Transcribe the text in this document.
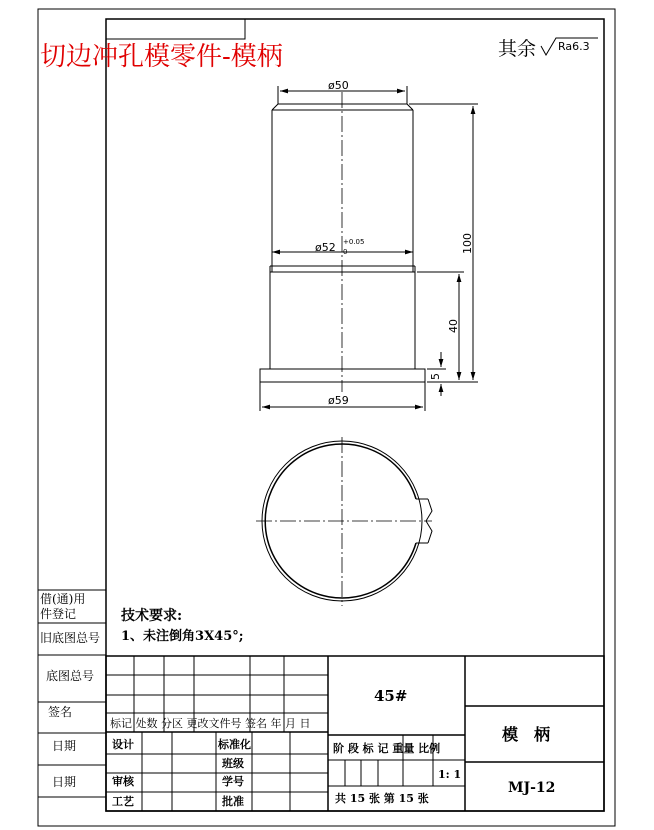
切边冲孔模零件-模柄	其余 Ra6.3
ø50
ø52 +0.05
0
ø59
100
40
5
借(通)用
件登记
旧底图总号
底图总号
签名
日期
日期
技术要求:
1、未注倒角3X45°;
标记 处数 分区 更改文件号 签名 年 月 日
设计	标准化
班级
审核	学号
工艺	批准
45#
阶 段 标 记 重量 比例
1: 1
共 15 张 第 15 张
模　柄
MJ-12
